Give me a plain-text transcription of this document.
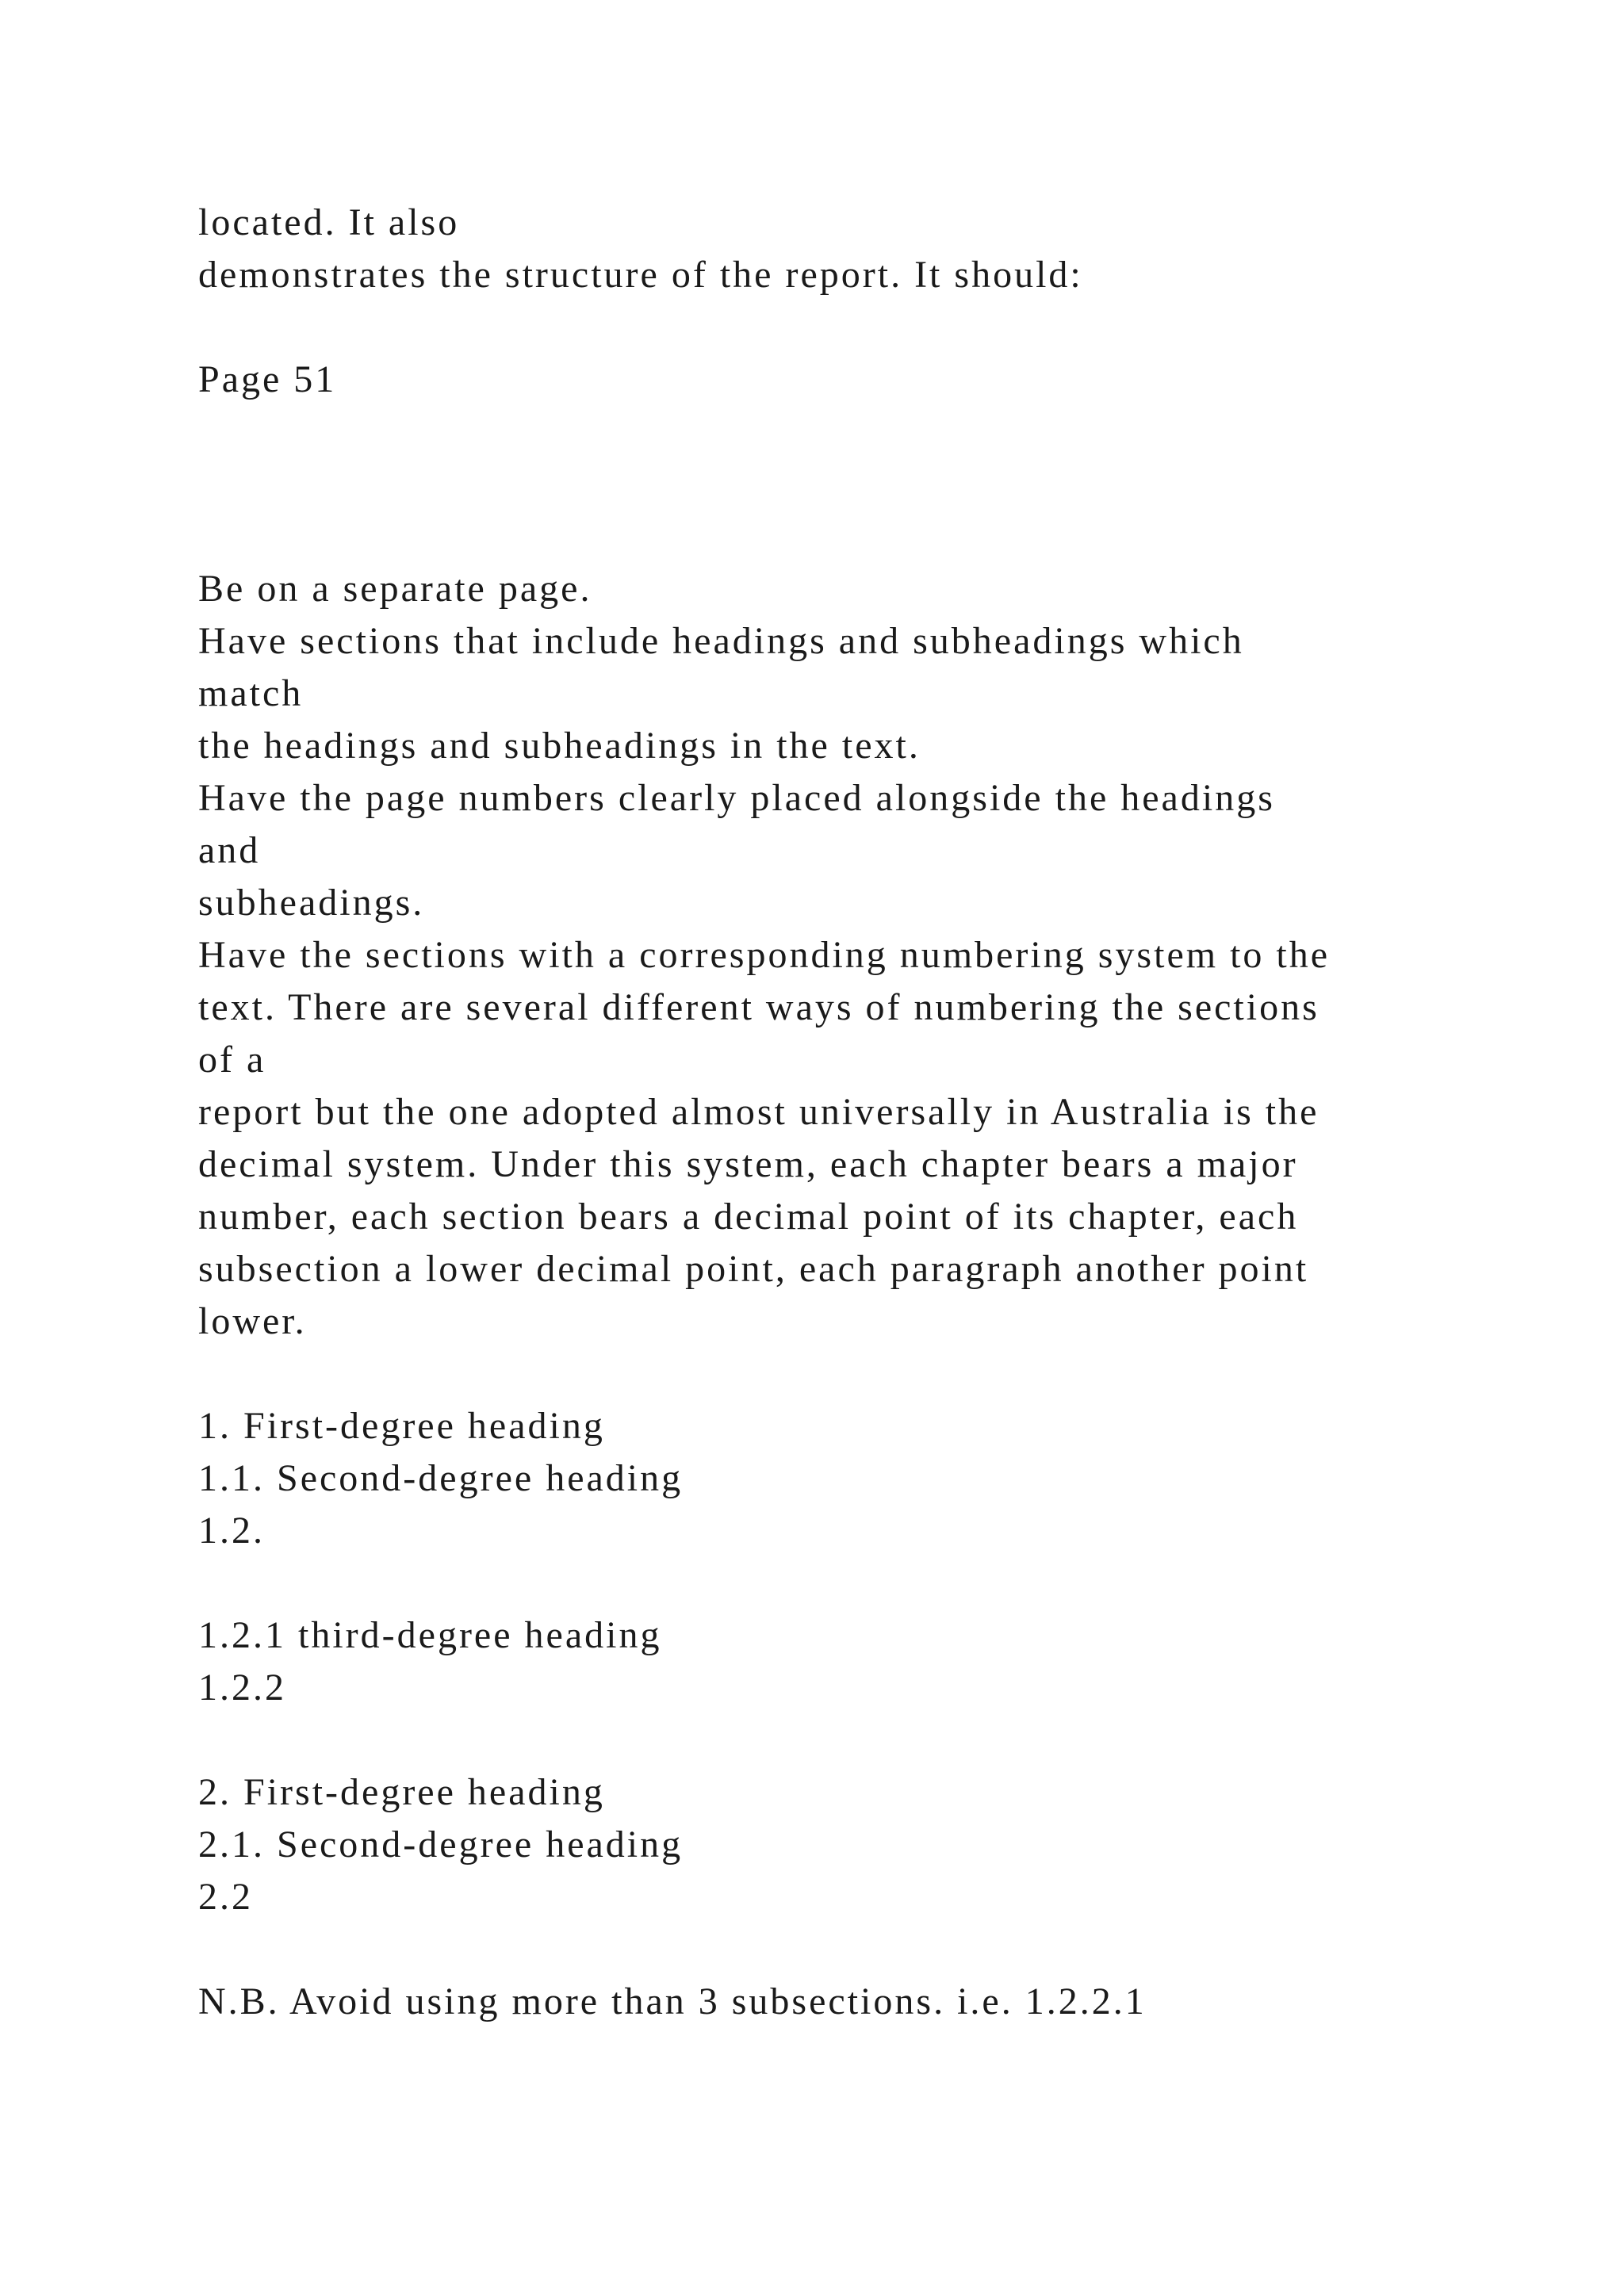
located. It also

demonstrates the structure of the report. It should:

Page 51

Be on a separate page.

Have sections that include headings and subheadings which

match

the headings and subheadings in the text.

Have the page numbers clearly placed alongside the headings

and

subheadings.

Have the sections with a corresponding numbering system to the

text. There are several different ways of numbering the sections

of a

report but the one adopted almost universally in Australia is the

decimal system. Under this system, each chapter bears a major

number, each section bears a decimal point of its chapter, each

subsection a lower decimal point, each paragraph another point

lower.

1. First-degree heading

1.1. Second-degree heading

1.2.

1.2.1 third-degree heading

1.2.2

2. First-degree heading

2.1. Second-degree heading

2.2

N.B. Avoid using more than 3 subsections. i.e. 1.2.2.1
